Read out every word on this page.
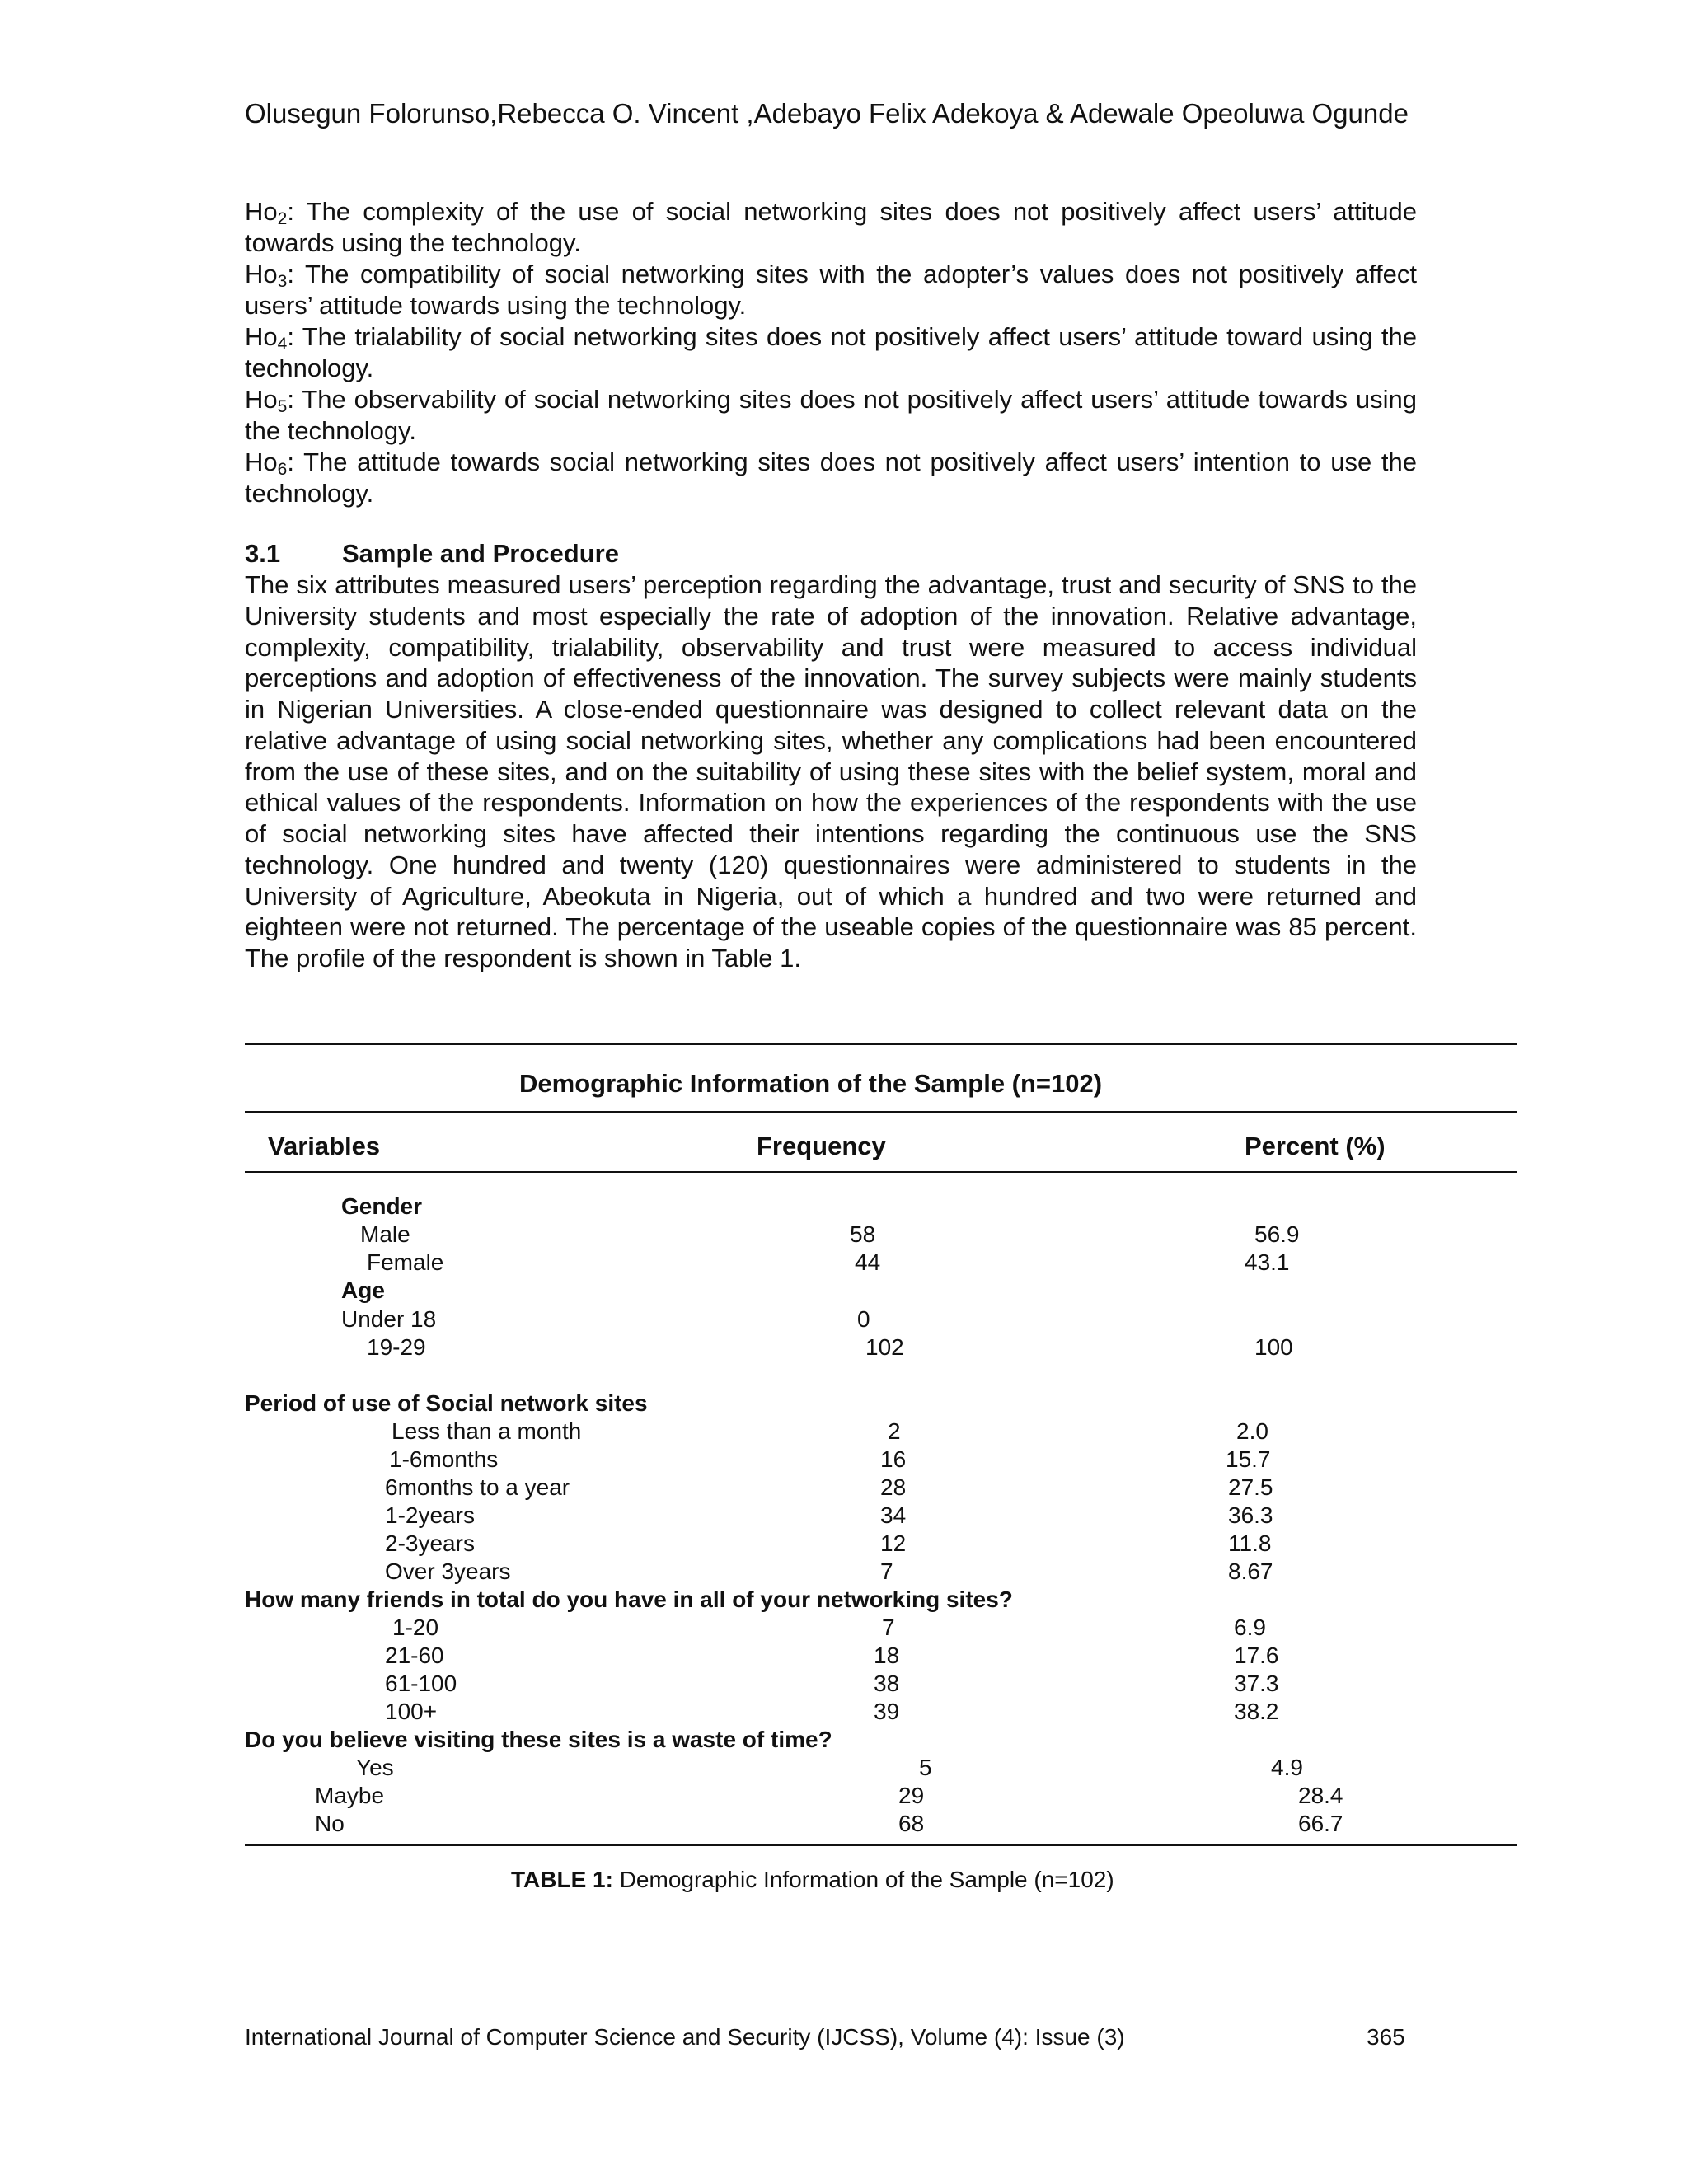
Olusegun Folorunso,Rebecca O. Vincent ,Adebayo Felix Adekoya & Adewale Opeoluwa Ogunde

$Ho_2$: The complexity of the use of social networking sites does not positively affect users’ attitude towards using the technology.

$Ho_3$: The compatibility of social networking sites with the adopter’s values does not positively affect users’ attitude towards using the technology.

$Ho_4$: The trialability of social networking sites does not positively affect users’ attitude toward using the technology.

$Ho_5$: The observability of social networking sites does not positively affect users’ attitude towards using the technology.

$Ho_6$: The attitude towards social networking sites does not positively affect users’ intention to use the technology.

3.1 Sample and Procedure
The six attributes measured users’ perception regarding the advantage, trust and security of SNS to the University students and most especially the rate of adoption of the innovation. Relative advantage, complexity, compatibility, trialability, observability and trust were measured to access individual perceptions and adoption of effectiveness of the innovation. The survey subjects were mainly students in Nigerian Universities. A close-ended questionnaire was designed to collect relevant data on the relative advantage of using social networking sites, whether any complications had been encountered from the use of these sites, and on the suitability of using these sites with the belief system, moral and ethical values of the respondents. Information on how the experiences of the respondents with the use of social networking sites have affected their intentions regarding the continuous use the SNS technology. One hundred and twenty (120) questionnaires were administered to students in the University of Agriculture, Abeokuta in Nigeria, out of which a hundred and two were returned and eighteen were not returned. The percentage of the useable copies of the questionnaire was 85 percent. The profile of the respondent is shown in Table 1.
Demographic Information of the Sample (n=102)
Variables	Frequency	Percent (%)
Gender
Male	58	56.9
Female	44	43.1
Age
Under 18	0
19-29	102	100
Period of use of Social network sites
Less than a month	2	2.0
1-6months	16	15.7
6months to a year	28	27.5
1-2years	34	36.3
2-3years	12	11.8
Over 3years	7	8.67
How many friends in total do you have in all of your networking sites?
1-20	7	6.9
21-60	18	17.6
61-100	38	37.3
100+	39	38.2
Do you believe visiting these sites is a waste of time?
Yes	5	4.9
Maybe	29	28.4
No	68	66.7
TABLE 1: Demographic Information of the Sample (n=102)
International Journal of Computer Science and Security (IJCSS), Volume (4): Issue (3)	365
